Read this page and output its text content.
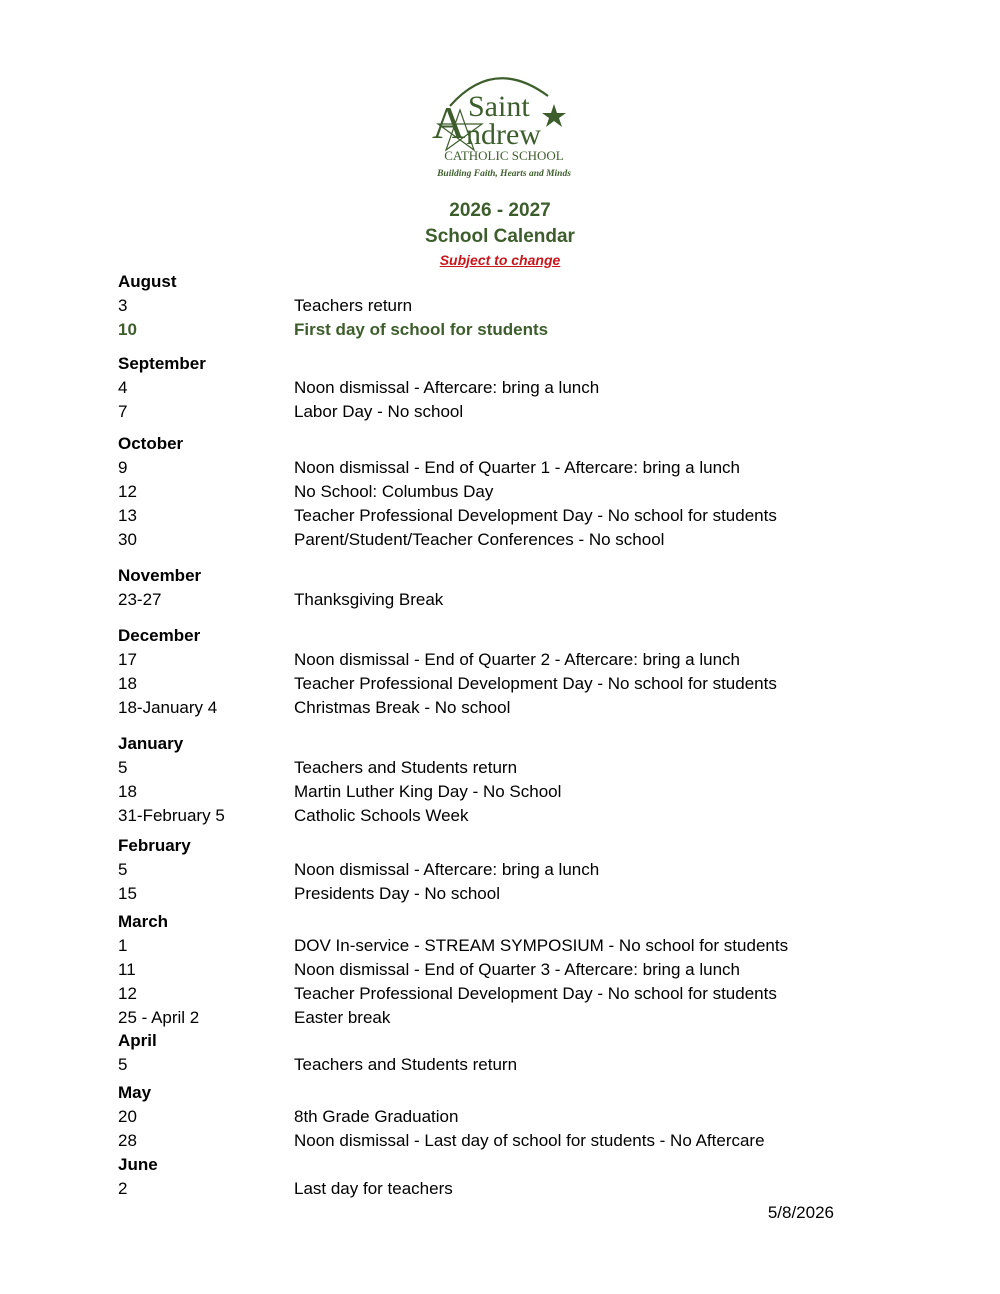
A Saint
ndrew
CATHOLIC SCHOOL
Building Faith, Hearts and Minds
2026 - 2027
School Calendar
Subject to change
August
3	Teachers return
10	First day of school for students
September
4	Noon dismissal - Aftercare: bring a lunch
7	Labor Day - No school
October
9	Noon dismissal - End of Quarter 1 - Aftercare: bring a lunch
12	No School: Columbus Day
13	Teacher Professional Development Day - No school for students
30	Parent/Student/Teacher Conferences - No school
November
23-27	Thanksgiving Break
December
17	Noon dismissal - End of Quarter 2 - Aftercare: bring a lunch
18	Teacher Professional Development Day - No school for students
18-January 4	Christmas Break - No school
January
5	Teachers and Students return
18	Martin Luther King Day - No School
31-February 5	Catholic Schools Week
February
5	Noon dismissal - Aftercare: bring a lunch
15	Presidents Day - No school
March
1	DOV In-service - STREAM SYMPOSIUM - No school for students
11	Noon dismissal - End of Quarter 3 - Aftercare: bring a lunch
12	Teacher Professional Development Day - No school for students
25 - April 2	Easter break
April
5	Teachers and Students return
May
20	8th Grade Graduation
28	Noon dismissal - Last day of school for students - No Aftercare
June
2	Last day for teachers
5/8/2026
